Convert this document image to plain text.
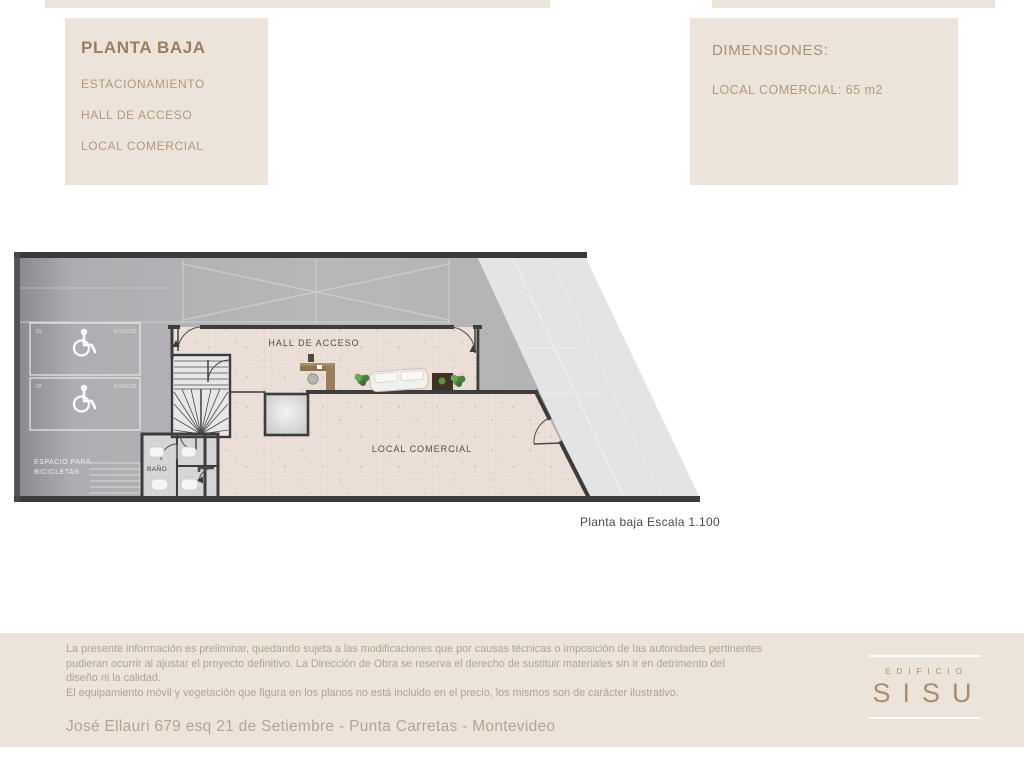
PLANTA BAJA
ESTACIONAMIENTO
HALL DE ACCESO
LOCAL COMERCIAL
DIMENSIONES:
LOCAL COMERCIAL: 65 m2
01	4.30x2.25
02	4.30x2.25
ESPACIO PARA
BICICLETAS
HALL DE ACCESO
LOCAL COMERCIAL
BAÑO
Planta baja Escala 1.100
La presente información es preliminar, quedando sujeta a las modificaciones que por causas técnicas o imposición de las autoridades pertinentes
pudieran ocurrir al ajustar el proyecto definitivo. La Dirección de Obra se reserva el derecho de sustituir materiales sin ir en detrimento del
diseño ni la calidad.
El equipamiento móvil y vegetación que figura en los planos no está incluido en el precio, los mismos son de carácter ilustrativo.
EDIFICIO
SISU
José Ellauri 679 esq 21 de Setiembre - Punta Carretas - Montevideo
